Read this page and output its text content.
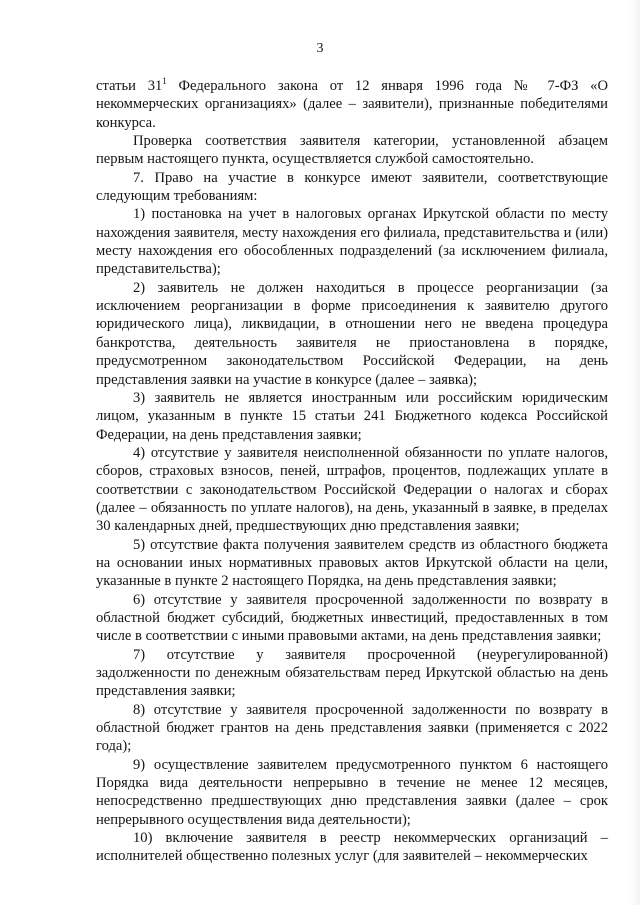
3

статьи $31^1$ Федерального закона от 12 января 1996 года № 7-ФЗ «О некоммерческих организациях» (далее – заявители), признанные победителями конкурса.

Проверка соответствия заявителя категории, установленной абзацем первым настоящего пункта, осуществляется службой самостоятельно.

7. Право на участие в конкурсе имеют заявители, соответствующие следующим требованиям:

1) постановка на учет в налоговых органах Иркутской области по месту нахождения заявителя, месту нахождения его филиала, представительства и (или) месту нахождения его обособленных подразделений (за исключением филиала, представительства);

2) заявитель не должен находиться в процессе реорганизации (за исключением реорганизации в форме присоединения к заявителю другого юридического лица), ликвидации, в отношении него не введена процедура банкротства, деятельность заявителя не приостановлена в порядке, предусмотренном законодательством Российской Федерации, на день представления заявки на участие в конкурсе (далее – заявка);

3) заявитель не является иностранным или российским юридическим лицом, указанным в пункте 15 статьи 241 Бюджетного кодекса Российской Федерации, на день представления заявки;

4) отсутствие у заявителя неисполненной обязанности по уплате налогов, сборов, страховых взносов, пеней, штрафов, процентов, подлежащих уплате в соответствии с законодательством Российской Федерации о налогах и сборах (далее – обязанность по уплате налогов), на день, указанный в заявке, в пределах 30 календарных дней, предшествующих дню представления заявки;

5) отсутствие факта получения заявителем средств из областного бюджета на основании иных нормативных правовых актов Иркутской области на цели, указанные в пункте 2 настоящего Порядка, на день представления заявки;

6) отсутствие у заявителя просроченной задолженности по возврату в областной бюджет субсидий, бюджетных инвестиций, предоставленных в том числе в соответствии с иными правовыми актами, на день представления заявки;

7) отсутствие у заявителя просроченной (неурегулированной) задолженности по денежным обязательствам перед Иркутской областью на день представления заявки;

8) отсутствие у заявителя просроченной задолженности по возврату в областной бюджет грантов на день представления заявки (применяется с 2022 года);

9) осуществление заявителем предусмотренного пунктом 6 настоящего Порядка вида деятельности непрерывно в течение не менее 12 месяцев, непосредственно предшествующих дню представления заявки (далее – срок непрерывного осуществления вида деятельности);

10) включение заявителя в реестр некоммерческих организаций – исполнителей общественно полезных услуг (для заявителей – некоммерческих
